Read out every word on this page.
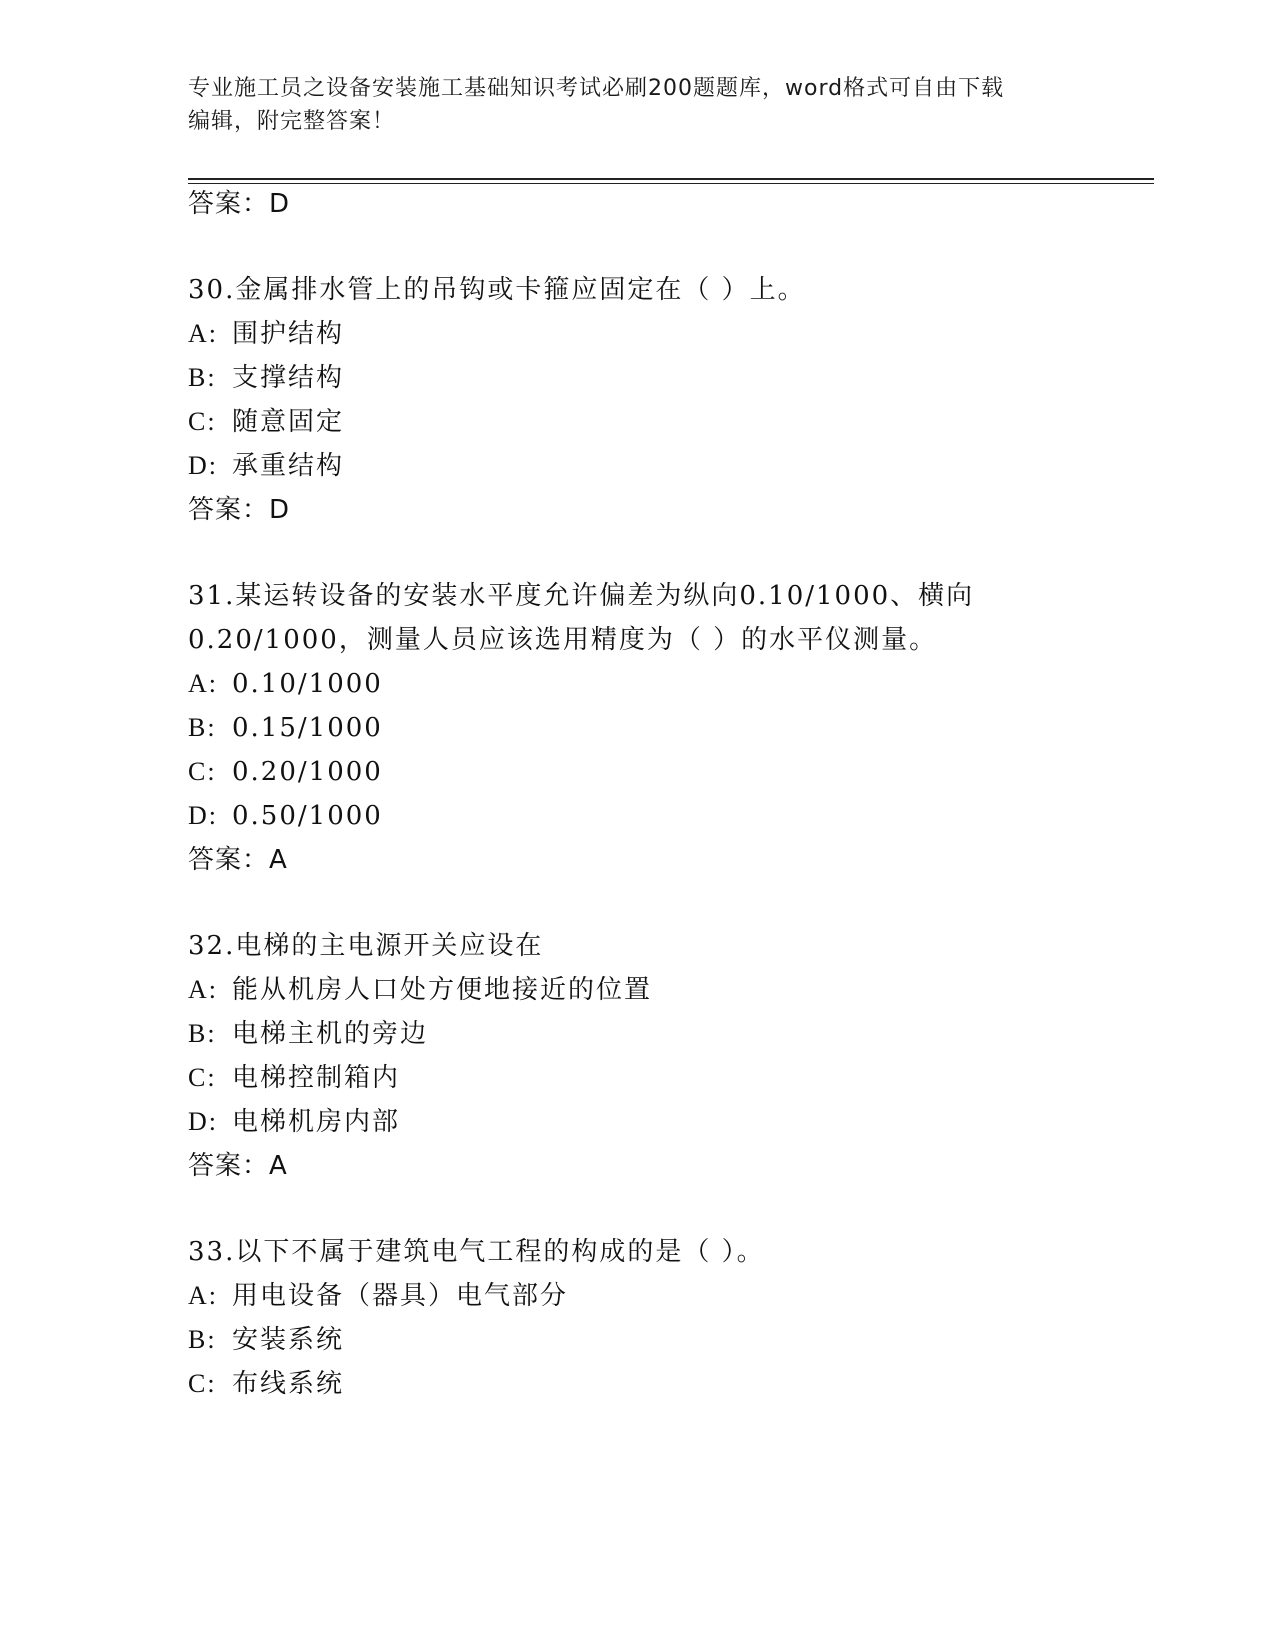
专业施工员之设备安装施工基础知识考试必刷200题题库，word格式可自由下载
编辑，附完整答案！
答案：D
30.金属排水管上的吊钩或卡箍应固定在（ ）上。
A: 围护结构
B: 支撑结构
C: 随意固定
D: 承重结构
答案：D
31.某运转设备的安装水平度允许偏差为纵向0.10/1000、横向
0.20/1000，测量人员应该选用精度为（ ）的水平仪测量。
A: 0.10/1000
B: 0.15/1000
C: 0.20/1000
D: 0.50/1000
答案：A
32.电梯的主电源开关应设在
A: 能从机房人口处方便地接近的位置
B: 电梯主机的旁边
C: 电梯控制箱内
D: 电梯机房内部
答案：A
33.以下不属于建筑电气工程的构成的是（ ）。
A: 用电设备（器具）电气部分
B: 安装系统
C: 布线系统
